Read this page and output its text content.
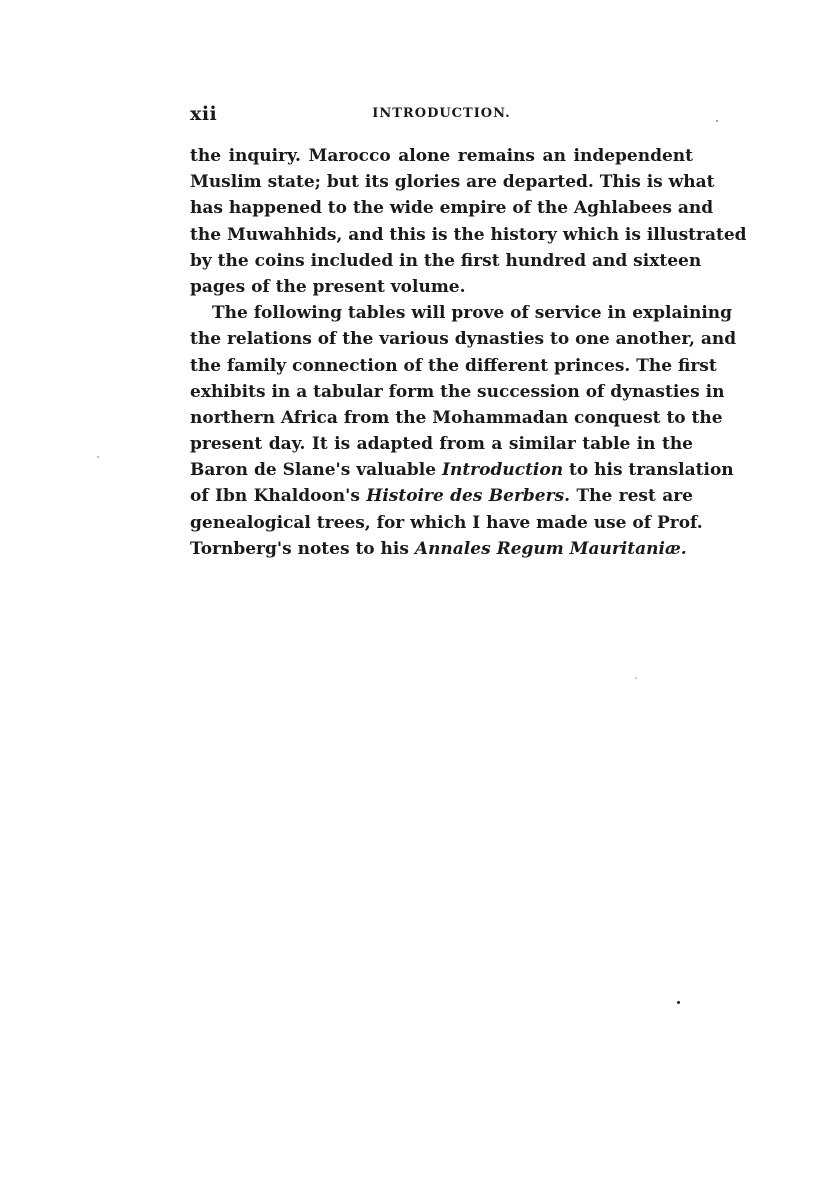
xii	INTRODUCTION.
the inquiry. Marocco alone remains an independent
Muslim state; but its glories are departed. This is what
has happened to the wide empire of the Aghlabees and
the Muwahhids, and this is the history which is illustrated
by the coins included in the first hundred and sixteen
pages of the present volume.
The following tables will prove of service in explaining
the relations of the various dynasties to one another, and
the family connection of the different princes. The first
exhibits in a tabular form the succession of dynasties in
northern Africa from the Mohammadan conquest to the
present day. It is adapted from a similar table in the
Baron de Slane's valuable Introduction to his translation
of Ibn Khaldoon's Histoire des Berbers. The rest are
genealogical trees, for which I have made use of Prof.
Tornberg's notes to his Annales Regum Mauritaniæ.
